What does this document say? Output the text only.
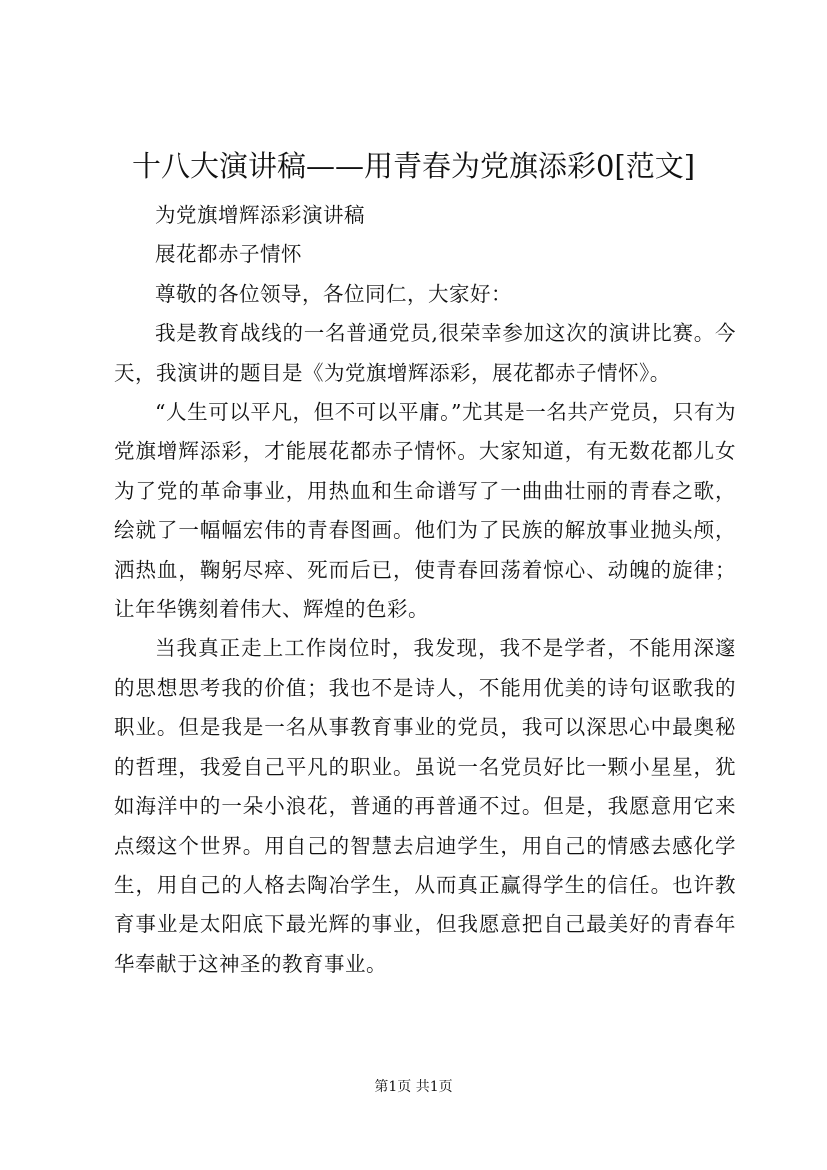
十八大演讲稿——用青春为党旗添彩0[范文]

为党旗增辉添彩演讲稿

展花都赤子情怀

尊敬的各位领导，各位同仁，大家好：

我是教育战线的一名普通党员,很荣幸参加这次的演讲比赛。今天，我演讲的题目是《为党旗增辉添彩，展花都赤子情怀》。

“人生可以平凡，但不可以平庸。”尤其是一名共产党员，只有为党旗增辉添彩，才能展花都赤子情怀。大家知道，有无数花都儿女为了党的革命事业，用热血和生命谱写了一曲曲壮丽的青春之歌，绘就了一幅幅宏伟的青春图画。他们为了民族的解放事业抛头颅，洒热血，鞠躬尽瘁、死而后已，使青春回荡着惊心、动魄的旋律；让年华镌刻着伟大、辉煌的色彩。

当我真正走上工作岗位时，我发现，我不是学者，不能用深邃的思想思考我的价值；我也不是诗人，不能用优美的诗句讴歌我的职业。但是我是一名从事教育事业的党员，我可以深思心中最奥秘的哲理，我爱自己平凡的职业。虽说一名党员好比一颗小星星，犹如海洋中的一朵小浪花，普通的再普通不过。但是，我愿意用它来点缀这个世界。用自己的智慧去启迪学生，用自己的情感去感化学生，用自己的人格去陶冶学生，从而真正赢得学生的信任。也许教育事业是太阳底下最光辉的事业，但我愿意把自己最美好的青春年华奉献于这神圣的教育事业。

第1页 共1页
